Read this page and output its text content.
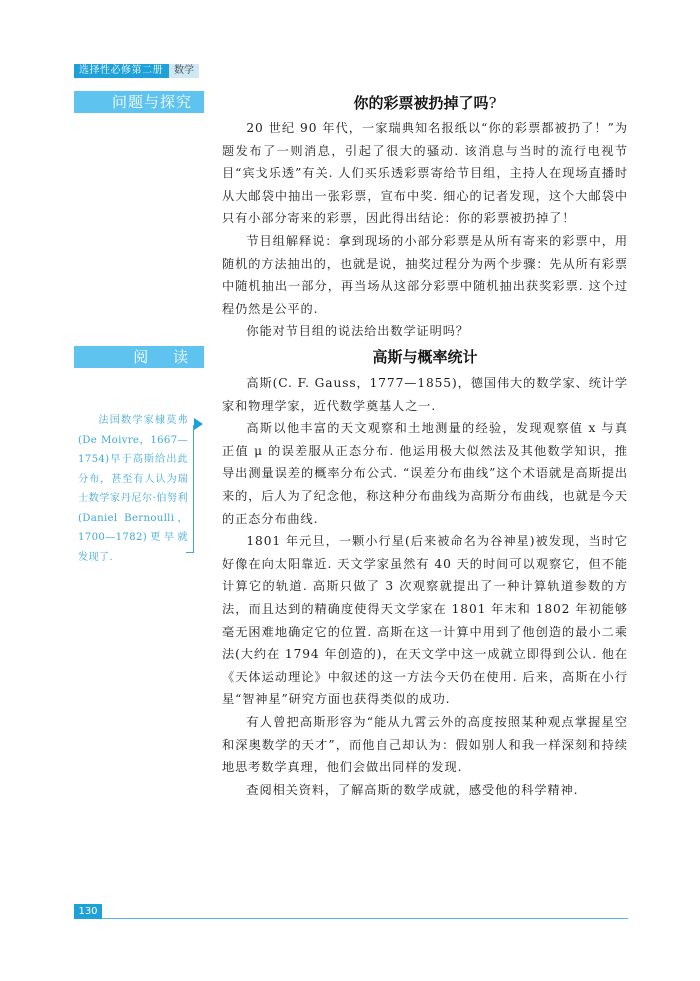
选择性必修第二册	数学
问题与探究	你的彩票被扔掉了吗?

20 世纪 90 年代，一家瑞典知名报纸以“你的彩票都被扔了！”为题发布了一则消息，引起了很大的骚动. 该消息与当时的流行电视节目“宾戈乐透”有关. 人们买乐透彩票寄给节目组，主持人在现场直播时从大邮袋中抽出一张彩票，宣布中奖. 细心的记者发现，这个大邮袋中只有小部分寄来的彩票，因此得出结论：你的彩票被扔掉了！

节目组解释说：拿到现场的小部分彩票是从所有寄来的彩票中，用随机的方法抽出的，也就是说，抽奖过程分为两个步骤：先从所有彩票中随机抽出一部分，再当场从这部分彩票中随机抽出获奖彩票. 这个过程仍然是公平的.

你能对节目组的说法给出数学证明吗？

阅 读	高斯与概率统计

高斯(C. F. Gauss，1777—1855)，德国伟大的数学家、统计学家和物理学家，近代数学奠基人之一.

高斯以他丰富的天文观察和土地测量的经验，发现观察值 x 与真正值 μ 的误差服从正态分布. 他运用极大似然法及其他数学知识，推导出测量误差的概率分布公式. “误差分布曲线”这个术语就是高斯提出来的，后人为了纪念他，称这种分布曲线为高斯分布曲线，也就是今天的正态分布曲线.

1801 年元旦，一颗小行星(后来被命名为谷神星)被发现，当时它好像在向太阳靠近. 天文学家虽然有 40 天的时间可以观察它，但不能计算它的轨道. 高斯只做了 3 次观察就提出了一种计算轨道参数的方法，而且达到的精确度使得天文学家在 1801 年末和 1802 年初能够毫无困难地确定它的位置. 高斯在这一计算中用到了他创造的最小二乘法(大约在 1794 年创造的)，在天文学中这一成就立即得到公认. 他在《天体运动理论》中叙述的这一方法今天仍在使用. 后来，高斯在小行星“智神星”研究方面也获得类似的成功.

有人曾把高斯形容为“能从九霄云外的高度按照某种观点掌握星空和深奥数学的天才”，而他自己却认为：假如别人和我一样深刻和持续地思考数学真理，他们会做出同样的发现.

查阅相关资料，了解高斯的数学成就，感受他的科学精神.

法国数学家棣莫弗(De Moivre，1667—1754)早于高斯给出此分布，甚至有人认为瑞士数学家丹尼尔·伯努利(Daniel Bernoulli，1700—1782)更早就发现了.

130
